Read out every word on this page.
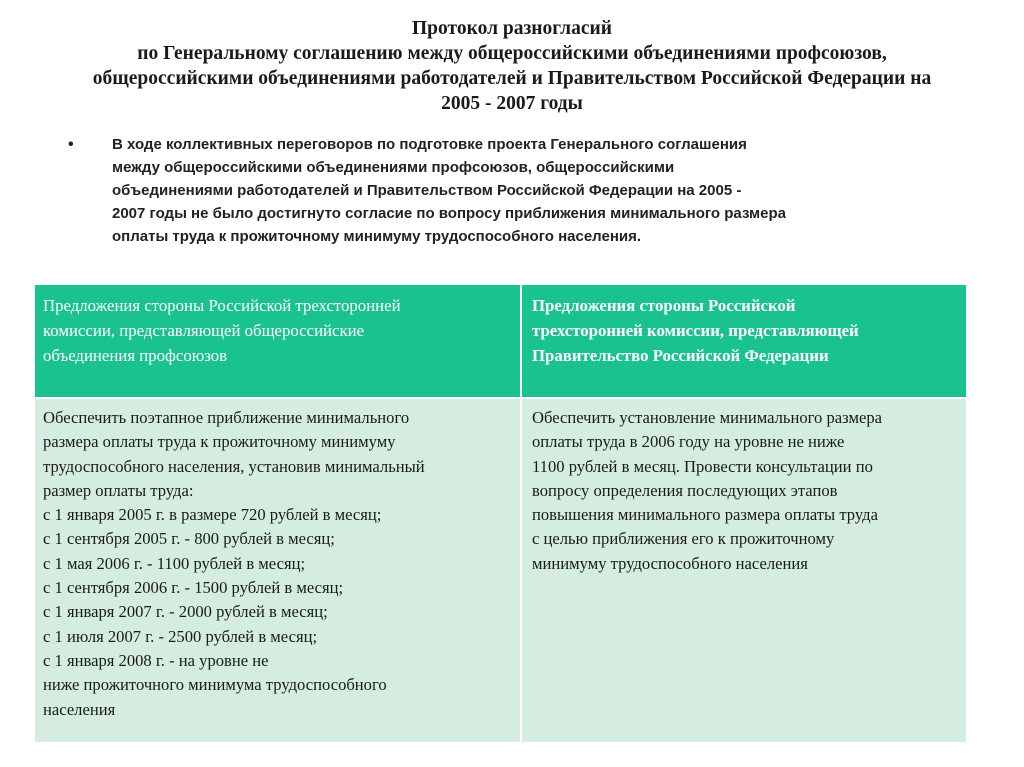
Протокол разногласий
по Генеральному соглашению между общероссийскими объединениями профсоюзов,
общероссийскими объединениями работодателей и Правительством Российской Федерации на
2005 - 2007 годы
•	В ходе коллективных переговоров по подготовке проекта Генерального соглашения
между общероссийскими объединениями профсоюзов, общероссийскими
объединениями работодателей и Правительством Российской Федерации на 2005 -
2007 годы не было достигнуто согласие по вопросу приближения минимального размера
оплаты труда к прожиточному минимуму трудоспособного населения.
Предложения стороны Российской трехсторонней
комиссии, представляющей общероссийские
объединения профсоюзов
Предложения стороны Российской
трехсторонней комиссии, представляющей
Правительство Российской Федерации
Обеспечить поэтапное приближение минимального
размера оплаты труда к прожиточному минимуму
трудоспособного населения, установив минимальный
размер оплаты труда:
с 1 января 2005 г. в размере 720 рублей в месяц;
с 1 сентября 2005 г. - 800 рублей в месяц;
с 1 мая 2006 г. - 1100 рублей в месяц;
с 1 сентября 2006 г. - 1500 рублей в месяц;
с 1 января 2007 г. - 2000 рублей в месяц;
с 1 июля 2007 г. - 2500 рублей в месяц;
с 1 января 2008 г. - на уровне не
ниже прожиточного минимума трудоспособного
населения
Обеспечить установление минимального размера
оплаты труда в 2006 году на уровне не ниже
1100 рублей в месяц. Провести консультации по
вопросу определения последующих этапов
повышения минимального размера оплаты труда
с целью приближения его к прожиточному
минимуму трудоспособного населения
